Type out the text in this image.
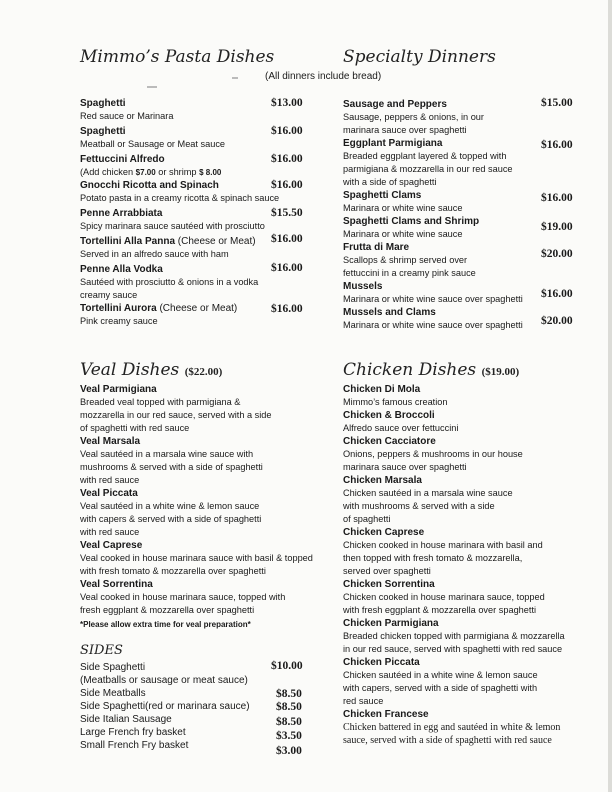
Mimmo’s Pasta Dishes	Specialty Dinners
(All dinners include bread)
Veal Dishes ($22.00)	Chicken Dishes ($19.00)
Spaghetti
Red sauce or Marinara
Spaghetti
Meatball or Sausage or Meat sauce
Fettuccini Alfredo
(Add chicken $7.00 or shrimp $ 8.00
Gnocchi Ricotta and Spinach
Potato pasta in a creamy ricotta & spinach sauce
Penne Arrabbiata
Spicy marinara sauce sautéed with prosciutto
Tortellini Alla Panna (Cheese or Meat)
Served in an alfredo sauce with ham
Penne Alla Vodka
Sautéed with prosciutto & onions in a vodka
creamy sauce
Tortellini Aurora (Cheese or Meat)
Pink creamy sauce
$13.00
$16.00
$16.00
$16.00
$15.50
$16.00
$16.00
$16.00
Sausage and Peppers
Sausage, peppers & onions, in our
marinara sauce over spaghetti
Eggplant Parmigiana
Breaded eggplant layered & topped with
parmigiana & mozzarella in our red sauce
with a side of spaghetti
Spaghetti Clams
Marinara or white wine sauce
Spaghetti Clams and Shrimp
Marinara or white wine sauce
Frutta di Mare
Scallops & shrimp served over
fettuccini in a creamy pink sauce
Mussels
Marinara or white wine sauce over spaghetti
Mussels and Clams
Marinara or white wine sauce over spaghetti
$15.00
$16.00
$16.00
$19.00
$20.00
$16.00
$20.00
Veal Parmigiana
Breaded veal topped with parmigiana &
mozzarella in our red sauce, served with a side
of spaghetti with red sauce
Veal Marsala
Veal sautéed in a marsala wine sauce with
mushrooms & served with a side of spaghetti
with red sauce
Veal Piccata
Veal sautéed in a white wine & lemon sauce
with capers & served with a side of spaghetti
with red sauce
Veal Caprese
Veal cooked in house marinara sauce with basil & topped
with fresh tomato & mozzarella over spaghetti
Veal Sorrentina
Veal cooked in house marinara sauce, topped with
fresh eggplant & mozzarella over spaghetti
*Please allow extra time for veal preparation*
SIDES
Side Spaghetti
(Meatballs or sausage or meat sauce)
Side Meatballs
Side Spaghetti(red or marinara sauce)
Side Italian Sausage
Large French fry basket
Small French Fry basket
$10.00
$8.50
$8.50
$8.50
$3.50
$3.00
Chicken Di Mola
Mimmo’s famous creation
Chicken & Broccoli
Alfredo sauce over fettuccini
Chicken Cacciatore
Onions, peppers & mushrooms in our house
marinara sauce over spaghetti
Chicken Marsala
Chicken sautéed in a marsala wine sauce
with mushrooms & served with a side
of spaghetti
Chicken Caprese
Chicken cooked in house marinara with basil and
then topped with fresh tomato & mozzarella,
served over spaghetti
Chicken Sorrentina
Chicken cooked in house marinara sauce, topped
with fresh eggplant & mozzarella over spaghetti
Chicken Parmigiana
Breaded chicken topped with parmigiana & mozzarella
in our red sauce, served with spaghetti with red sauce
Chicken Piccata
Chicken sautéed in a white wine & lemon sauce
with capers, served with a side of spaghetti with
red sauce
Chicken Francese
Chicken battered in egg and sautéed in white & lemon
sauce, served with a side of spaghetti with red sauce
